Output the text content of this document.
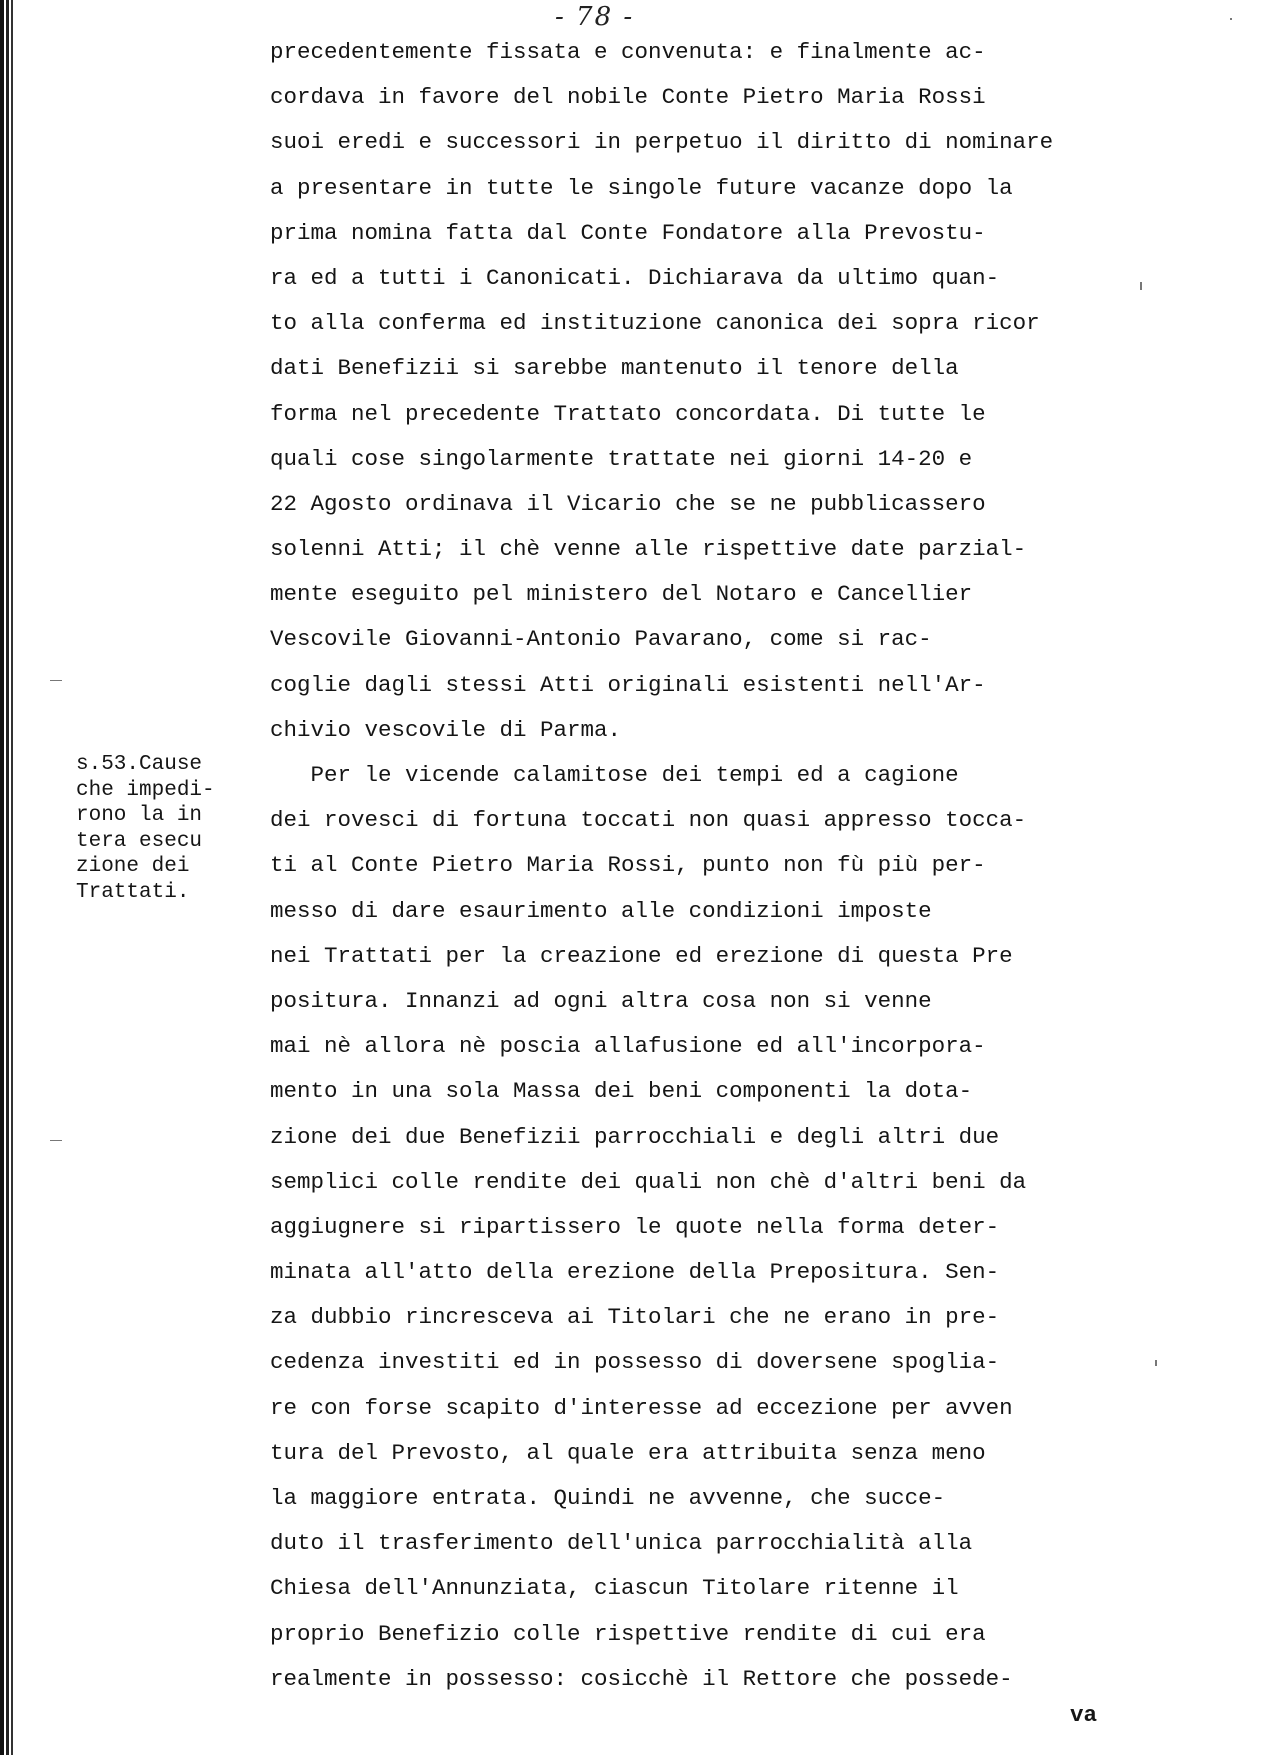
- 78 -
precedentemente fissata e convenuta: e finalmente ac-
cordava in favore del nobile Conte Pietro Maria Rossi
suoi eredi e successori in perpetuo il diritto di nominare
a presentare in tutte le singole future vacanze dopo la
prima nomina fatta dal Conte Fondatore alla Prevostu-
ra ed a tutti i Canonicati. Dichiarava da ultimo quan-
to alla conferma ed instituzione canonica dei sopra ricor
dati Benefizii si sarebbe mantenuto il tenore della
forma nel precedente Trattato concordata. Di tutte le
quali cose singolarmente trattate nei giorni 14-20 e
22 Agosto ordinava il Vicario che se ne pubblicassero
solenni Atti; il chè venne alle rispettive date parzial-
mente eseguito pel ministero del Notaro e Cancellier
Vescovile Giovanni-Antonio Pavarano, come si rac-
coglie dagli stessi Atti originali esistenti nell'Ar-
chivio vescovile di Parma.
Per le vicende calamitose dei tempi ed a cagione
dei rovesci di fortuna toccati non quasi appresso tocca-
ti al Conte Pietro Maria Rossi, punto non fù più per-
messo di dare esaurimento alle condizioni imposte
nei Trattati per la creazione ed erezione di questa Pre
positura. Innanzi ad ogni altra cosa non si venne
mai nè allora nè poscia allafusione ed all'incorpora-
mento in una sola Massa dei beni componenti la dota-
zione dei due Benefizii parrocchiali e degli altri due
semplici colle rendite dei quali non chè d'altri beni da
aggiugnere si ripartissero le quote nella forma deter-
minata all'atto della erezione della Prepositura. Sen-
za dubbio rincresceva ai Titolari che ne erano in pre-
cedenza investiti ed in possesso di doversene spoglia-
re con forse scapito d'interesse ad eccezione per avven
tura del Prevosto, al quale era attribuita senza meno
la maggiore entrata. Quindi ne avvenne, che succe-
duto il trasferimento dell'unica parrocchialità alla
Chiesa dell'Annunziata, ciascun Titolare ritenne il
proprio Benefizio colle rispettive rendite di cui era
realmente in possesso: cosicchè il Rettore che possede-
s.53.Cause
che impedi-
rono la in
tera esecu
zione dei
Trattati.
va
